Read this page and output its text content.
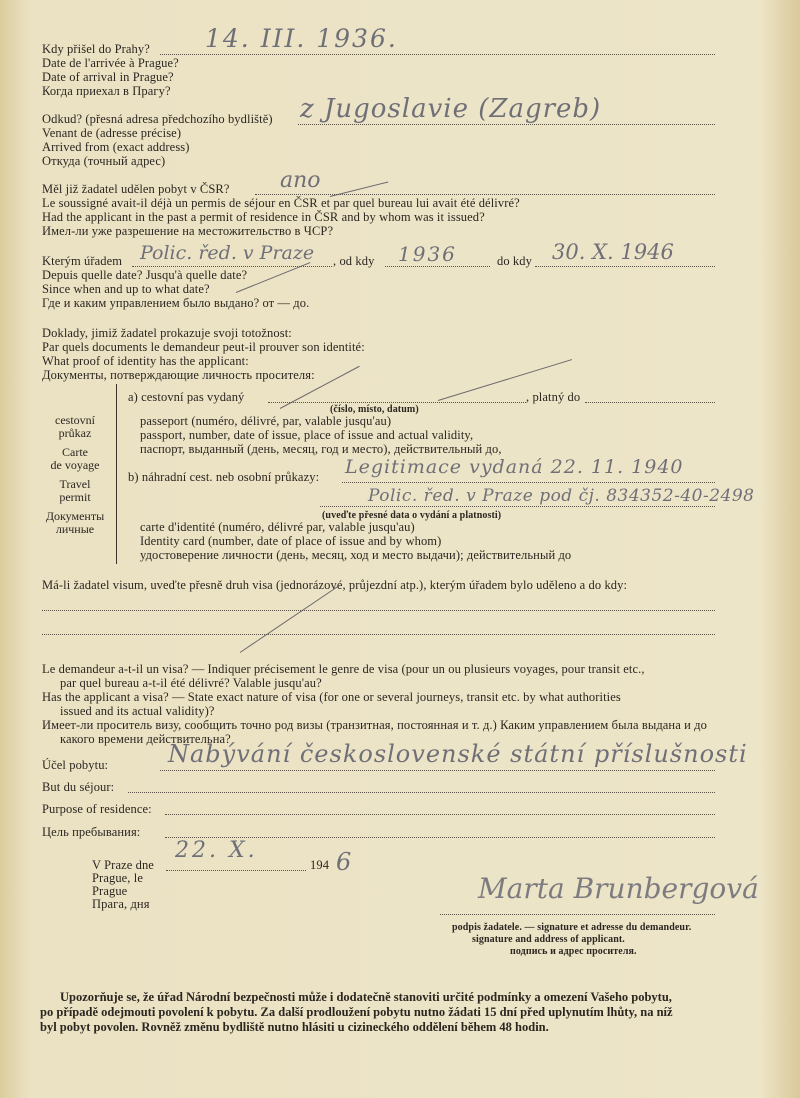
Kdy přišel do Prahy? 14. III. 1936.
Date de l'arrivée à Prague?
Date of arrival in Prague?
Когда приехал в Прагу?
Odkud? (přesná adresa předchozího bydliště) z Jugoslavie (Zagreb)
Venant de (adresse précise)
Arrived from (exact address)
Откуда (точный адрес)
Měl již žadatel udělen pobyt v ČSR? ano
Le soussigné avait-il déjà un permis de séjour en ČSR et par quel bureau lui avait été délivré?
Had the applicant in the past a permit of residence in ČSR and by whom was it issued?
Имел-ли уже разрешение на местожительство в ЧСР?
Kterým úřadem Polic. řed. v Praze , od kdy 1936	do kdy 30. X. 1946
Depuis quelle date? Jusqu'à quelle date?
Since when and up to what date?
Где и каким управлением было выдано? от — до.
Doklady, jimiž žadatel prokazuje svoji totožnost:
Par quels documents le demandeur peut-il prouver son identité:
What proof of identity has the applicant:
Документы, потверждающие личность просителя:
cestovní
průkaz
Carte
de voyage
Travel
permit
Документы
личные
a) cestovní pas vydaný	, platný do
(číslo, místo, datum)
passeport (numéro, délivré, par, valable jusqu'au)
passport, number, date of issue, place of issue and actual validity,
паспорт, выданный (день, месяц, год и место), действительный до,
b) náhradní cest. neb osobní průkazy: Legitimace vydaná 22. 11. 1940
Polic. řed. v Praze pod čj. 834352-40-2498
(uveďte přesné data o vydání a platnosti)
carte d'identité (numéro, délivré par, valable jusqu'au)
Identity card (number, date of place of issue and by whom)
удостоверение личности (день, месяц, ход и место выдачи); действительный до
Má-li žadatel visum, uveďte přesně druh visa (jednorázové, průjezdní atp.), kterým úřadem bylo uděleno a do kdy:
Le demandeur a-t-il un visa? — Indiquer précisement le genre de visa (pour un ou plusieurs voyages, pour transit etc.,
par quel bureau a-t-il été délivré? Valable jusqu'au?
Has the applicant a visa? — State exact nature of visa (for one or several journeys, transit etc. by what authorities
issued and its actual validity)?
Имеет-ли проситель визу, сообщить точно род визы (транзитная, постоянная и т. д.) Каким управлением была выдана и до
какого времени действительна?
Účel pobytu: Nabývání československé státní příslušnosti
But du séjour:
Purpose of residence:
Цель пребывания:
V Praze dne
22. X.
194 6
Prague, le
Prague
Прага, дня	Marta Brunbergová
podpis žadatele. — signature et adresse du demandeur.
signature and address of applicant.
подпись и адрес просителя.
Upozorňuje se, že úřad Národní bezpečnosti může i dodatečně stanoviti určité podmínky a omezení Vašeho pobytu,
po případě odejmouti povolení k pobytu. Za další prodloužení pobytu nutno žádati 15 dní před uplynutím lhůty, na níž
byl pobyt povolen. Rovněž změnu bydliště nutno hlásiti u cizineckého oddělení během 48 hodin.
